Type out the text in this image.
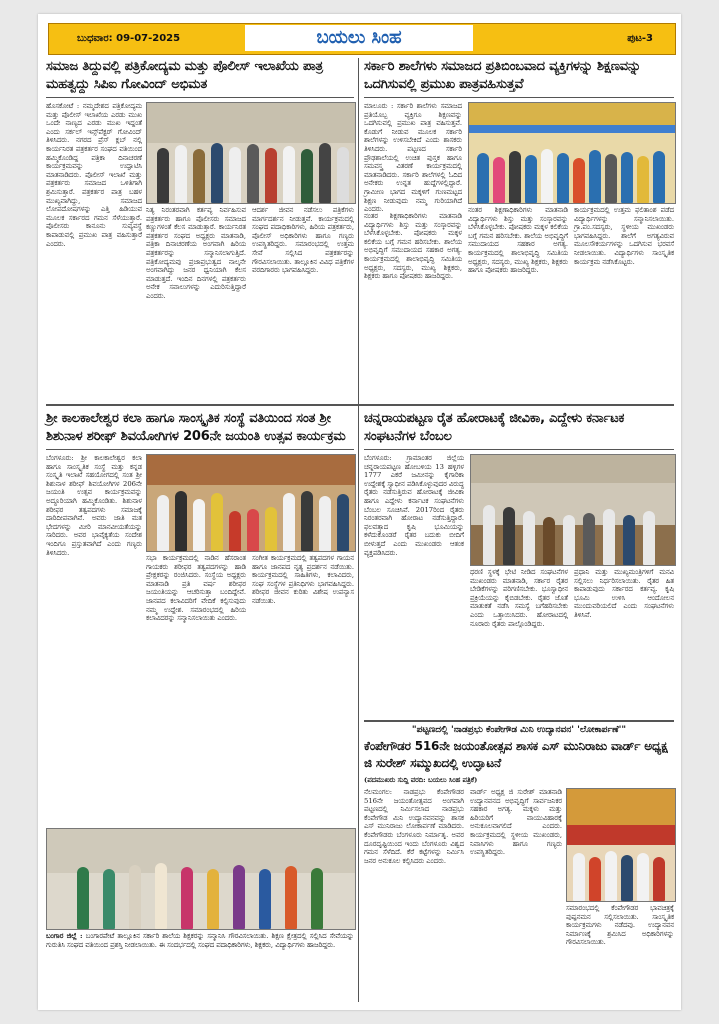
ಬುಧವಾರ: 09-07-2025	ಬಯಲು ಸಿಂಹ	ಪುಟ-3
ಸಮಾಜ ತಿದ್ದುವಲ್ಲಿ ಪತ್ರಿಕೋದ್ಯಮ ಮತ್ತು ಪೊಲೀಸ್ ಇಲಾಖೆಯ ಪಾತ್ರ ಮಹತ್ವದ್ದು ಸಿಪಿಐ ಗೋವಿಂದ್ ಅಭಿಮತ
ಹೊಸಕೋಟೆ : ನಮ್ಮದೇಶದ ಪತ್ರಿಕೋದ್ಯಮ ಮತ್ತು ಪೊಲೀಸ್ ಇಲಾಖೆಯ ಎರಡು ಮುಖ ಒಂದೇ ನಾಣ್ಯದ ಎರಡು ಮುಖ ಇದ್ದಂತೆ ಎಂದು ಸರ್ಕಲ್ ಇನ್ಸ್‌ಪೆಕ್ಟರ್ ಗೋವಿಂದ್ ತಿಳಿಸಿದರು. ನಗರದ ಪ್ರೆಸ್ ಕ್ಲಬ್ ನಲ್ಲಿ ಕಾರ್ಯನಿರತ ಪತ್ರಕರ್ತರ ಸಂಘದ ವತಿಯಿಂದ ಹಮ್ಮಿಕೊಂಡಿದ್ದ ಪತ್ರಿಕಾ ದಿನಾಚರಣೆ ಕಾರ್ಯಕ್ರಮವನ್ನು ಉದ್ಘಾಟಿಸಿ ಮಾತನಾಡಿದರು. ಪೊಲೀಸ್ ಇಲಾಖೆ ಮತ್ತು ಪತ್ರಕರ್ತರು ಸಮಾಜದ ಒಳಿತಿಗಾಗಿ ಶ್ರಮಿಸುತ್ತಾರೆ. ಪತ್ರಕರ್ತರ ಪಾತ್ರ ಬಹಳ ಮುಖ್ಯವಾಗಿದ್ದು, ಸಮಾಜದ ಲೋಪದೋಷಗಳನ್ನು ಎತ್ತಿ ಹಿಡಿಯುವ ಮೂಲಕ ಸರ್ಕಾರದ ಗಮನ ಸೆಳೆಯುತ್ತಾರೆ. ಪೊಲೀಸರು ಕಾನೂನು ಸುವ್ಯವಸ್ಥೆ ಕಾಪಾಡುವಲ್ಲಿ ಪ್ರಮುಖ ಪಾತ್ರ ವಹಿಸುತ್ತಾರೆ ಎಂದರು.
ನಿತ್ಯ ನಿರಂತರವಾಗಿ ಕರ್ತವ್ಯ ನಿರ್ವಹಿಸುವ ಪತ್ರಕರ್ತರು ಹಾಗೂ ಪೊಲೀಸರು ಸಮಾಜದ ಕಣ್ಣುಗಳಂತೆ ಕೆಲಸ ಮಾಡುತ್ತಾರೆ. ಕಾರ್ಯನಿರತ ಪತ್ರಕರ್ತರ ಸಂಘದ ಅಧ್ಯಕ್ಷರು ಮಾತನಾಡಿ, ಪತ್ರಿಕಾ ದಿನಾಚರಣೆಯ ಅಂಗವಾಗಿ ಹಿರಿಯ ಪತ್ರಕರ್ತರನ್ನು ಸನ್ಮಾನಿಸಲಾಗುತ್ತಿದೆ. ಪತ್ರಿಕೋದ್ಯಮವು ಪ್ರಜಾಪ್ರಭುತ್ವದ ನಾಲ್ಕನೇ ಅಂಗವಾಗಿದ್ದು ಜನರ ಧ್ವನಿಯಾಗಿ ಕೆಲಸ ಮಾಡುತ್ತದೆ. ಇಂದಿನ ದಿನಗಳಲ್ಲಿ ಪತ್ರಕರ್ತರು ಅನೇಕ ಸವಾಲುಗಳನ್ನು ಎದುರಿಸುತ್ತಿದ್ದಾರೆ ಎಂದರು.
ಆದರ್ಶ ಜೀವನ ನಡೆಸಲು ಪತ್ರಿಕೆಗಳು ಮಾರ್ಗದರ್ಶನ ನೀಡುತ್ತವೆ. ಕಾರ್ಯಕ್ರಮದಲ್ಲಿ ಸಂಘದ ಪದಾಧಿಕಾರಿಗಳು, ಹಿರಿಯ ಪತ್ರಕರ್ತರು, ಪೊಲೀಸ್ ಅಧಿಕಾರಿಗಳು ಹಾಗೂ ಗಣ್ಯರು ಉಪಸ್ಥಿತರಿದ್ದರು. ಸಮಾರಂಭದಲ್ಲಿ ಉತ್ತಮ ಸೇವೆ ಸಲ್ಲಿಸಿದ ಪತ್ರಕರ್ತರನ್ನು ಗೌರವಿಸಲಾಯಿತು. ತಾಲ್ಲೂಕಿನ ವಿವಿಧ ಪತ್ರಿಕೆಗಳ ವರದಿಗಾರರು ಭಾಗವಹಿಸಿದ್ದರು.
ಸರ್ಕಾರಿ ಶಾಲೆಗಳು ಸಮಾಜದ ಪ್ರತಿಬಿಂಬವಾದ ವ್ಯಕ್ತಿಗಳನ್ನು ಶಿಕ್ಷಣವನ್ನು ಒದಗಿಸುವಲ್ಲಿ ಪ್ರಮುಖ ಪಾತ್ರವಹಿಸುತ್ತವೆ
ಮಾಲೂರು : ಸರ್ಕಾರಿ ಶಾಲೆಗಳು ಸಮಾಜದ ಪ್ರತಿಯೊಬ್ಬ ವ್ಯಕ್ತಿಗೂ ಶಿಕ್ಷಣವನ್ನು ಒದಗಿಸುವಲ್ಲಿ ಪ್ರಮುಖ ಪಾತ್ರ ವಹಿಸುತ್ತವೆ. ಕೊಡುಗೆ ನೀಡುವ ಮೂಲಕ ಸರ್ಕಾರಿ ಶಾಲೆಗಳನ್ನು ಉಳಿಸಬೇಕಿದೆ ಎಂದು ಶಾಸಕರು ತಿಳಿಸಿದರು. ಪಟ್ಟಣದ ಸರ್ಕಾರಿ ಪ್ರೌಢಶಾಲೆಯಲ್ಲಿ ಉಚಿತ ಪುಸ್ತಕ ಹಾಗೂ ಸಮವಸ್ತ್ರ ವಿತರಣೆ ಕಾರ್ಯಕ್ರಮದಲ್ಲಿ ಮಾತನಾಡಿದರು. ಸರ್ಕಾರಿ ಶಾಲೆಗಳಲ್ಲಿ ಓದಿದ ಅನೇಕರು ಉನ್ನತ ಹುದ್ದೆಗಳಲ್ಲಿದ್ದಾರೆ. ಗ್ರಾಮೀಣ ಭಾಗದ ಮಕ್ಕಳಿಗೆ ಗುಣಮಟ್ಟದ ಶಿಕ್ಷಣ ನೀಡುವುದು ನಮ್ಮ ಗುರಿಯಾಗಿದೆ ಎಂದರು.
ನಂತರ ಶಿಕ್ಷಣಾಧಿಕಾರಿಗಳು ಮಾತನಾಡಿ ವಿದ್ಯಾರ್ಥಿಗಳು ಶಿಸ್ತು ಮತ್ತು ಸಂಸ್ಕಾರವನ್ನು ಬೆಳೆಸಿಕೊಳ್ಳಬೇಕು. ಪೋಷಕರು ಮಕ್ಕಳ ಕಲಿಕೆಯ ಬಗ್ಗೆ ಗಮನ ಹರಿಸಬೇಕು. ಶಾಲೆಯ ಅಭಿವೃದ್ಧಿಗೆ ಸಮುದಾಯದ ಸಹಕಾರ ಅಗತ್ಯ. ಕಾರ್ಯಕ್ರಮದಲ್ಲಿ ಶಾಲಾಭಿವೃದ್ಧಿ ಸಮಿತಿಯ ಅಧ್ಯಕ್ಷರು, ಸದಸ್ಯರು, ಮುಖ್ಯ ಶಿಕ್ಷಕರು, ಶಿಕ್ಷಕರು ಹಾಗೂ ಪೋಷಕರು ಹಾಜರಿದ್ದರು.
ನಂತರ ಶಿಕ್ಷಣಾಧಿಕಾರಿಗಳು ಮಾತನಾಡಿ ವಿದ್ಯಾರ್ಥಿಗಳು ಶಿಸ್ತು ಮತ್ತು ಸಂಸ್ಕಾರವನ್ನು ಬೆಳೆಸಿಕೊಳ್ಳಬೇಕು. ಪೋಷಕರು ಮಕ್ಕಳ ಕಲಿಕೆಯ ಬಗ್ಗೆ ಗಮನ ಹರಿಸಬೇಕು. ಶಾಲೆಯ ಅಭಿವೃದ್ಧಿಗೆ ಸಮುದಾಯದ ಸಹಕಾರ ಅಗತ್ಯ. ಕಾರ್ಯಕ್ರಮದಲ್ಲಿ ಶಾಲಾಭಿವೃದ್ಧಿ ಸಮಿತಿಯ ಅಧ್ಯಕ್ಷರು, ಸದಸ್ಯರು, ಮುಖ್ಯ ಶಿಕ್ಷಕರು, ಶಿಕ್ಷಕರು ಹಾಗೂ ಪೋಷಕರು ಹಾಜರಿದ್ದರು.
ಕಾರ್ಯಕ್ರಮದಲ್ಲಿ ಉತ್ತಮ ಫಲಿತಾಂಶ ಪಡೆದ ವಿದ್ಯಾರ್ಥಿಗಳನ್ನು ಸನ್ಮಾನಿಸಲಾಯಿತು. ಗ್ರಾ.ಪಂ.ಸದಸ್ಯರು, ಸ್ಥಳೀಯ ಮುಖಂಡರು ಭಾಗವಹಿಸಿದ್ದರು. ಶಾಲೆಗೆ ಅಗತ್ಯವಿರುವ ಮೂಲಸೌಕರ್ಯಗಳನ್ನು ಒದಗಿಸುವ ಭರವಸೆ ನೀಡಲಾಯಿತು. ವಿದ್ಯಾರ್ಥಿಗಳು ಸಾಂಸ್ಕೃತಿಕ ಕಾರ್ಯಕ್ರಮ ನಡೆಸಿಕೊಟ್ಟರು.
ಶ್ರೀ ಕಾಲಕಾಲೇಶ್ವರ ಕಲಾ ಹಾಗೂ ಸಾಂಸ್ಕೃತಿಕ ಸಂಸ್ಥೆ ವತಿಯಿಂದ ಸಂತ ಶ್ರೀ ಶಿಶುನಾಳ ಶರೀಫ್ ಶಿವಯೋಗಿಗಳ 206ನೇ ಜಯಂತಿ ಉತ್ಸವ ಕಾರ್ಯಕ್ರಮ
ಬೆಂಗಳೂರು: ಶ್ರೀ ಕಾಲಕಾಲೇಶ್ವರ ಕಲಾ ಹಾಗೂ ಸಾಂಸ್ಕೃತಿಕ ಸಂಸ್ಥೆ ಮತ್ತು ಕನ್ನಡ ಸಂಸ್ಕೃತಿ ಇಲಾಖೆ ಸಹಯೋಗದಲ್ಲಿ ಸಂತ ಶ್ರೀ ಶಿಶುನಾಳ ಶರೀಫ್ ಶಿವಯೋಗಿಗಳ 206ನೇ ಜಯಂತಿ ಉತ್ಸವ ಕಾರ್ಯಕ್ರಮವನ್ನು ಅದ್ಧೂರಿಯಾಗಿ ಹಮ್ಮಿಕೊಂಡಿತು. ಶಿಶುನಾಳ ಶರೀಫರ ತತ್ವಪದಗಳು ಸಮಾಜಕ್ಕೆ ದಾರಿದೀಪವಾಗಿವೆ. ಅವರು ಜಾತಿ ಮತ ಭೇದಗಳನ್ನು ಮೀರಿ ಮಾನವೀಯತೆಯನ್ನು ಸಾರಿದರು. ಅವರ ಭಾವೈಕ್ಯತೆಯ ಸಂದೇಶ ಇಂದಿಗೂ ಪ್ರಸ್ತುತವಾಗಿದೆ ಎಂದು ಗಣ್ಯರು ತಿಳಿಸಿದರು.
ಸಭಾ ಕಾರ್ಯಕ್ರಮದಲ್ಲಿ ನಾಡಿನ ಹೆಸರಾಂತ ಗಾಯಕರು ಶರೀಫರ ತತ್ವಪದಗಳನ್ನು ಹಾಡಿ ಪ್ರೇಕ್ಷಕರನ್ನು ರಂಜಿಸಿದರು. ಸಂಸ್ಥೆಯ ಅಧ್ಯಕ್ಷರು ಮಾತನಾಡಿ ಪ್ರತಿ ವರ್ಷ ಶರೀಫರ ಜಯಂತಿಯನ್ನು ಆಚರಿಸುತ್ತಾ ಬಂದಿದ್ದೇವೆ. ಜಾನಪದ ಕಲಾವಿದರಿಗೆ ವೇದಿಕೆ ಕಲ್ಪಿಸುವುದು ನಮ್ಮ ಉದ್ದೇಶ. ಸಮಾರಂಭದಲ್ಲಿ ಹಿರಿಯ ಕಲಾವಿದರನ್ನು ಸನ್ಮಾನಿಸಲಾಯಿತು ಎಂದರು.
ಸಂಗೀತ ಕಾರ್ಯಕ್ರಮದಲ್ಲಿ ತತ್ವಪದಗಳ ಗಾಯನ ಹಾಗೂ ಜಾನಪದ ನೃತ್ಯ ಪ್ರದರ್ಶನ ನಡೆಯಿತು. ಕಾರ್ಯಕ್ರಮದಲ್ಲಿ ಸಾಹಿತಿಗಳು, ಕಲಾವಿದರು, ಸಂಘ ಸಂಸ್ಥೆಗಳ ಪ್ರತಿನಿಧಿಗಳು ಭಾಗವಹಿಸಿದ್ದರು. ಶರೀಫರ ಜೀವನ ಕುರಿತು ವಿಶೇಷ ಉಪನ್ಯಾಸ ನಡೆಯಿತು.
ಬಂಗಾರ ಜಿಲ್ಲೆ : ಬಂಗಾರಪೇಟೆ ತಾಲ್ಲೂಕಿನ ಸರ್ಕಾರಿ ಶಾಲೆಯ ಶಿಕ್ಷಕರನ್ನು ಸನ್ಮಾನಿಸಿ ಗೌರವಿಸಲಾಯಿತು. ಶಿಕ್ಷಣ ಕ್ಷೇತ್ರದಲ್ಲಿ ಸಲ್ಲಿಸಿದ ಸೇವೆಯನ್ನು ಗುರುತಿಸಿ ಸಂಘದ ವತಿಯಿಂದ ಪ್ರಶಸ್ತಿ ನೀಡಲಾಯಿತು. ಈ ಸಂದರ್ಭದಲ್ಲಿ ಸಂಘದ ಪದಾಧಿಕಾರಿಗಳು, ಶಿಕ್ಷಕರು, ವಿದ್ಯಾರ್ಥಿಗಳು ಹಾಜರಿದ್ದರು.
ಚನ್ನರಾಯಪಟ್ಟಣ ರೈತ ಹೋರಾಟಕ್ಕೆ ಜೀವಿಕಾ, ಎದ್ದೇಳು ಕರ್ನಾಟಕ ಸಂಘಟನೆಗಳ ಬೆಂಬಲ
ಬೆಂಗಳೂರು: ಗ್ರಾಮಾಂತರ ಜಿಲ್ಲೆಯ ಚನ್ನರಾಯಪಟ್ಟಣ ಹೋಬಳಿಯ 13 ಹಳ್ಳಿಗಳ 1777 ಎಕರೆ ಜಮೀನನ್ನು ಕೈಗಾರಿಕಾ ಉದ್ದೇಶಕ್ಕೆ ಸ್ವಾಧೀನ ಪಡಿಸಿಕೊಳ್ಳುವುದರ ವಿರುದ್ಧ ರೈತರು ನಡೆಸುತ್ತಿರುವ ಹೋರಾಟಕ್ಕೆ ಜೀವಿಕಾ ಹಾಗೂ ಎದ್ದೇಳು ಕರ್ನಾಟಕ ಸಂಘಟನೆಗಳು ಬೆಂಬಲ ಸೂಚಿಸಿವೆ. 2017ರಿಂದ ರೈತರು ನಿರಂತರವಾಗಿ ಹೋರಾಟ ನಡೆಸುತ್ತಿದ್ದಾರೆ. ಫಲವತ್ತಾದ ಕೃಷಿ ಭೂಮಿಯನ್ನು ಕಳೆದುಕೊಂಡರೆ ರೈತರ ಬದುಕು ಬೀದಿಗೆ ಬೀಳುತ್ತದೆ ಎಂದು ಮುಖಂಡರು ಆತಂಕ ವ್ಯಕ್ತಪಡಿಸಿದರು.
ಧರಣಿ ಸ್ಥಳಕ್ಕೆ ಭೇಟಿ ನೀಡಿದ ಸಂಘಟನೆಗಳ ಮುಖಂಡರು ಮಾತನಾಡಿ, ಸರ್ಕಾರ ರೈತರ ಬೇಡಿಕೆಗಳನ್ನು ಪರಿಗಣಿಸಬೇಕು. ಭೂಸ್ವಾಧೀನ ಪ್ರಕ್ರಿಯೆಯನ್ನು ಕೈಬಿಡಬೇಕು. ರೈತರ ಜೊತೆ ಮಾತುಕತೆ ನಡೆಸಿ ಸಮಸ್ಯೆ ಬಗೆಹರಿಸಬೇಕು ಎಂದು ಒತ್ತಾಯಿಸಿದರು. ಹೋರಾಟದಲ್ಲಿ ನೂರಾರು ರೈತರು ಪಾಲ್ಗೊಂಡಿದ್ದರು.
ಪ್ರಧಾನಿ ಮತ್ತು ಮುಖ್ಯಮಂತ್ರಿಗಳಿಗೆ ಮನವಿ ಸಲ್ಲಿಸಲು ನಿರ್ಧರಿಸಲಾಯಿತು. ರೈತರ ಹಿತ ಕಾಪಾಡುವುದು ಸರ್ಕಾರದ ಕರ್ತವ್ಯ. ಕೃಷಿ ಭೂಮಿ ಉಳಿಸಿ ಆಂದೋಲನ ಮುಂದುವರಿಯಲಿದೆ ಎಂದು ಸಂಘಟನೆಗಳು ತಿಳಿಸಿವೆ.
"ಪಟ್ಟಣದಲ್ಲಿ 'ನಾಡಪ್ರಭು ಕೆಂಪೇಗೌಡ ಮಿನಿ ಉದ್ಯಾನವನ' 'ಲೋಕಾರ್ಪಣೆ'"
ಕೆಂಪೇಗೌಡರ 516ನೇ ಜಯಂತೋತ್ಸವ ಶಾಸಕ ಎಸ್ ಮುನಿರಾಜು ವಾರ್ಡ್ ಅಧ್ಯಕ್ಷ ಜಿ ಸುರೇಶ್ ಸಮ್ಮುಖದಲ್ಲಿ ಉದ್ಘಾಟನೆ
(ಪದಮುಖರು ಸುದ್ದಿ ವರದಿ: ಬಯಲು ಸಿಂಹ ಪತ್ರಿಕೆ)
ನೆಲಮಂಗಲ: ನಾಡಪ್ರಭು ಕೆಂಪೇಗೌಡರ 516ನೇ ಜಯಂತೋತ್ಸವದ ಅಂಗವಾಗಿ ಪಟ್ಟಣದಲ್ಲಿ ನಿರ್ಮಿಸಲಾದ ನಾಡಪ್ರಭು ಕೆಂಪೇಗೌಡ ಮಿನಿ ಉದ್ಯಾನವನವನ್ನು ಶಾಸಕ ಎಸ್ ಮುನಿರಾಜು ಲೋಕಾರ್ಪಣೆ ಮಾಡಿದರು. ಕೆಂಪೇಗೌಡರು ಬೆಂಗಳೂರು ನಿರ್ಮಾತೃ. ಅವರ ದೂರದೃಷ್ಟಿಯಿಂದ ಇಂದು ಬೆಂಗಳೂರು ವಿಶ್ವದ ಗಮನ ಸೆಳೆದಿದೆ. ಕೆರೆ ಕಟ್ಟೆಗಳನ್ನು ನಿರ್ಮಿಸಿ ಜನರ ಅನುಕೂಲ ಕಲ್ಪಿಸಿದರು ಎಂದರು.
ವಾರ್ಡ್ ಅಧ್ಯಕ್ಷ ಜಿ ಸುರೇಶ್ ಮಾತನಾಡಿ ಉದ್ಯಾನವನದ ಅಭಿವೃದ್ಧಿಗೆ ಸಾರ್ವಜನಿಕರ ಸಹಕಾರ ಅಗತ್ಯ. ಮಕ್ಕಳು ಮತ್ತು ಹಿರಿಯರಿಗೆ ವಾಯುವಿಹಾರಕ್ಕೆ ಅನುಕೂಲವಾಗಲಿದೆ ಎಂದರು. ಕಾರ್ಯಕ್ರಮದಲ್ಲಿ ಸ್ಥಳೀಯ ಮುಖಂಡರು, ನಿವಾಸಿಗಳು ಹಾಗೂ ಗಣ್ಯರು ಉಪಸ್ಥಿತರಿದ್ದರು.
ಸಮಾರಂಭದಲ್ಲಿ ಕೆಂಪೇಗೌಡರ ಭಾವಚಿತ್ರಕ್ಕೆ ಪುಷ್ಪನಮನ ಸಲ್ಲಿಸಲಾಯಿತು. ಸಾಂಸ್ಕೃತಿಕ ಕಾರ್ಯಕ್ರಮಗಳು ನಡೆದವು. ಉದ್ಯಾನವನ ನಿರ್ಮಾಣಕ್ಕೆ ಶ್ರಮಿಸಿದ ಅಧಿಕಾರಿಗಳನ್ನು ಗೌರವಿಸಲಾಯಿತು.
